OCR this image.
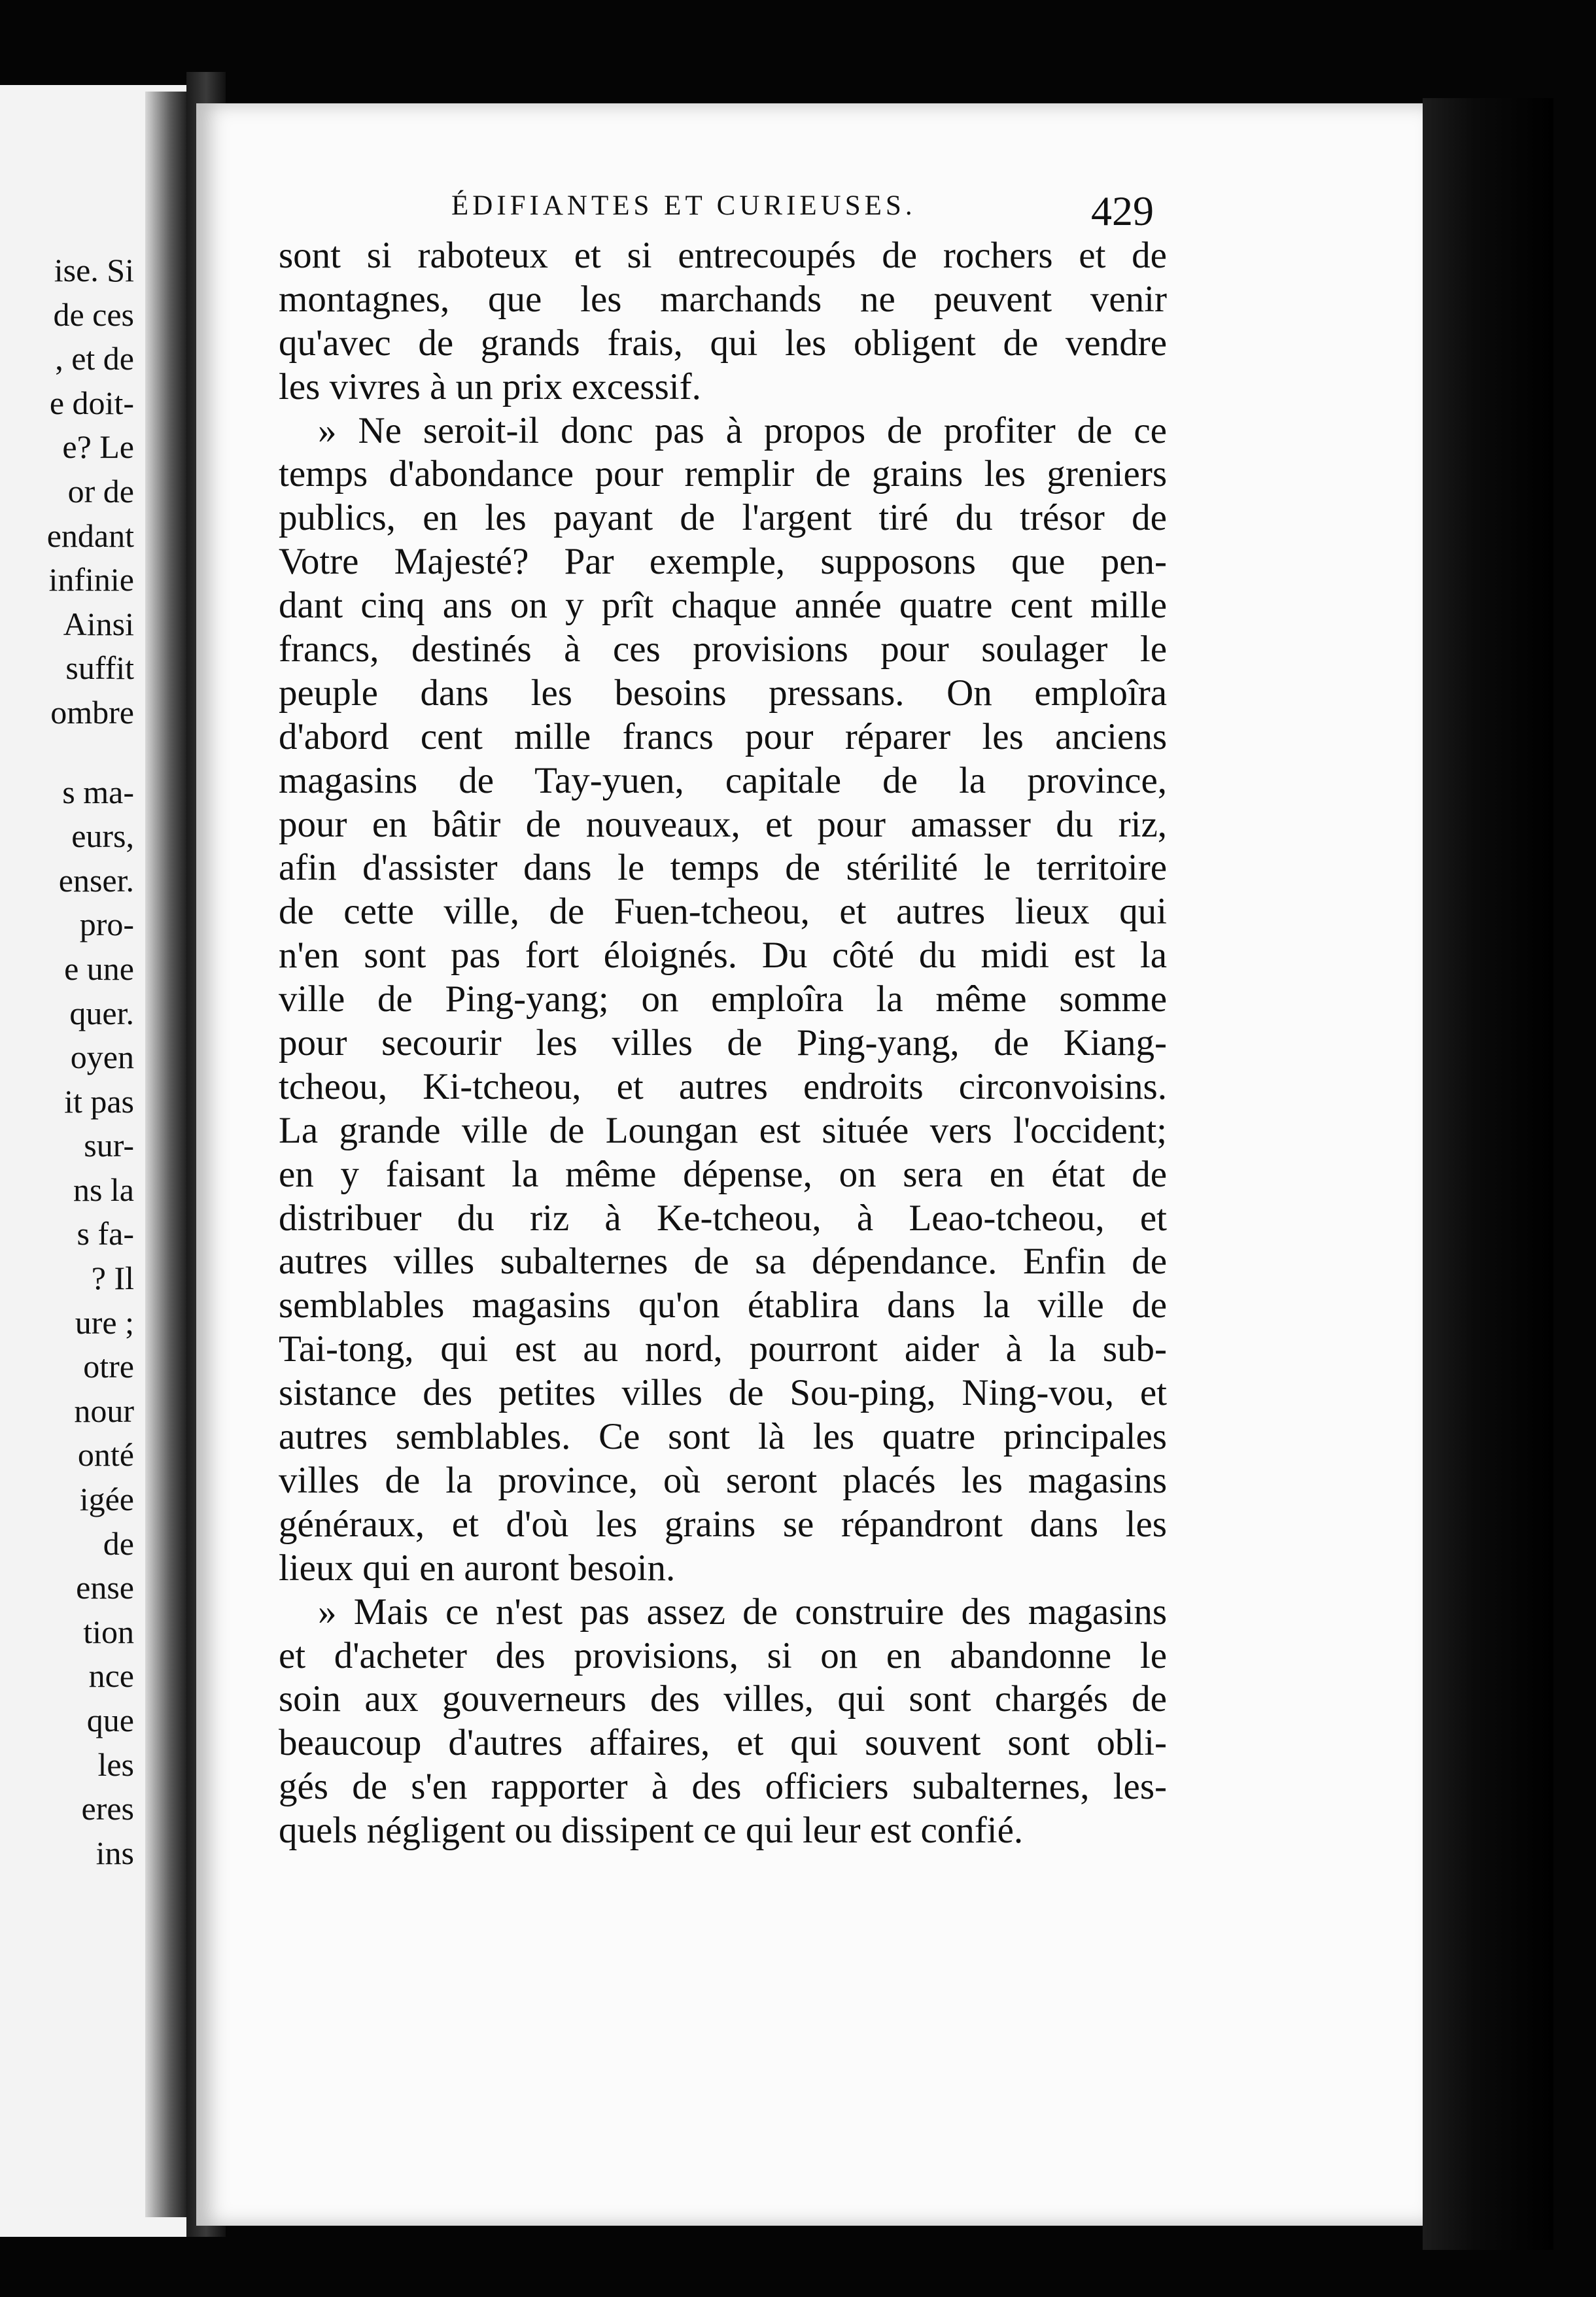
ise. Si
de ces
, et de
e doit-
e? Le
or de
endant
infinie
Ainsi
suffit
ombre
s ma-
eurs,
enser.
pro-
e une
quer.
oyen
it pas
sur-
ns la
s fa-
? Il
ure ;
otre
nour
onté
igée
de
ense
tion
nce
que
les
eres
ins
ÉDIFIANTES ET CURIEUSES.	429
sont si raboteux et si entrecoupés de rochers et de
montagnes, que les marchands ne peuvent venir
qu'avec de grands frais, qui les obligent de vendre
les vivres à un prix excessif.
» Ne seroit-il donc pas à propos de profiter de ce
temps d'abondance pour remplir de grains les greniers
publics, en les payant de l'argent tiré du trésor de
Votre Majesté? Par exemple, supposons que pen-
dant cinq ans on y prît chaque année quatre cent mille
francs, destinés à ces provisions pour soulager le
peuple dans les besoins pressans. On emploîra
d'abord cent mille francs pour réparer les anciens
magasins de Tay-yuen, capitale de la province,
pour en bâtir de nouveaux, et pour amasser du riz,
afin d'assister dans le temps de stérilité le territoire
de cette ville, de Fuen-tcheou, et autres lieux qui
n'en sont pas fort éloignés. Du côté du midi est la
ville de Ping-yang; on emploîra la même somme
pour secourir les villes de Ping-yang, de Kiang-
tcheou, Ki-tcheou, et autres endroits circonvoisins.
La grande ville de Loungan est située vers l'occident;
en y faisant la même dépense, on sera en état de
distribuer du riz à Ke-tcheou, à Leao-tcheou, et
autres villes subalternes de sa dépendance. Enfin de
semblables magasins qu'on établira dans la ville de
Tai-tong, qui est au nord, pourront aider à la sub-
sistance des petites villes de Sou-ping, Ning-vou, et
autres semblables. Ce sont là les quatre principales
villes de la province, où seront placés les magasins
généraux, et d'où les grains se répandront dans les
lieux qui en auront besoin.
» Mais ce n'est pas assez de construire des magasins
et d'acheter des provisions, si on en abandonne le
soin aux gouverneurs des villes, qui sont chargés de
beaucoup d'autres affaires, et qui souvent sont obli-
gés de s'en rapporter à des officiers subalternes, les-
quels négligent ou dissipent ce qui leur est confié.
